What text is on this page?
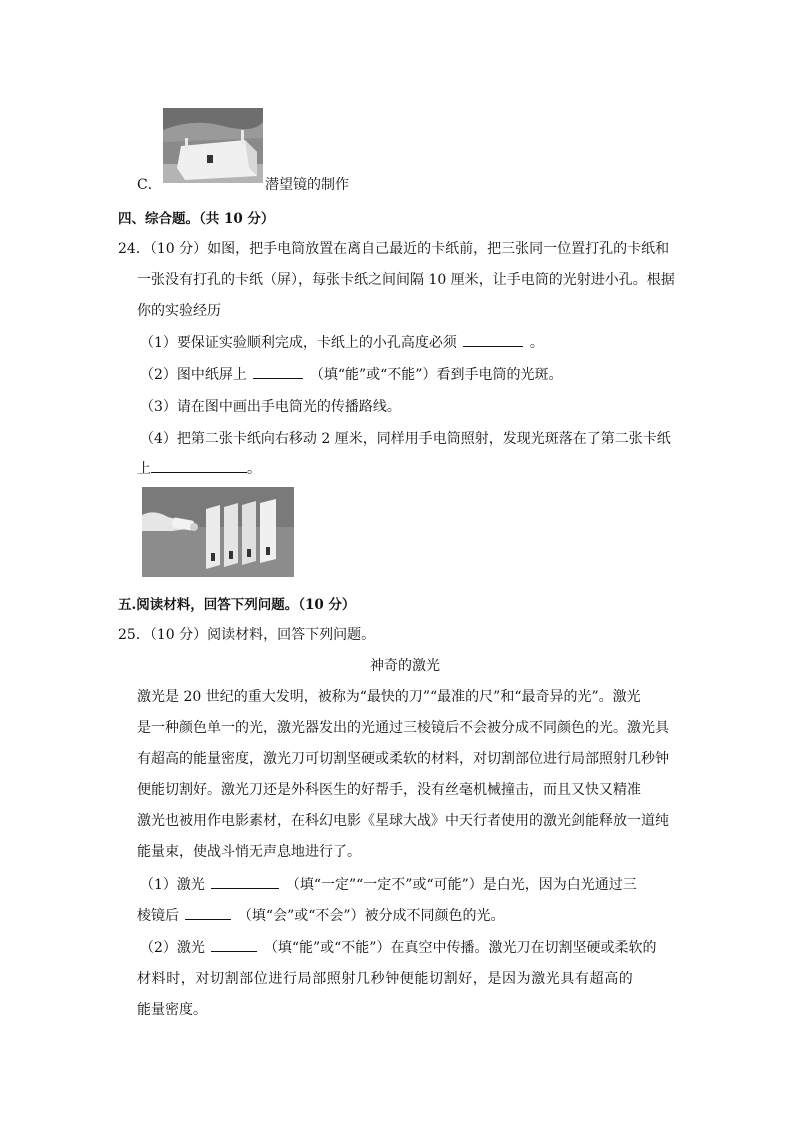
C．	潜望镜的制作
四、综合题。（共 10 分）
24．（10 分）如图，把手电筒放置在离自己最近的卡纸前，把三张同一位置打孔的卡纸和
一张没有打孔的卡纸（屏），每张卡纸之间间隔 10 厘米，让手电筒的光射进小孔。根据
你的实验经历
（1）要保证实验顺利完成，卡纸上的小孔高度必须	。
（2）图中纸屏上	（填“能”或“不能”）看到手电筒的光斑。
（3）请在图中画出手电筒光的传播路线。
（4）把第二张卡纸向右移动 2 厘米，同样用手电筒照射，发现光斑落在了第二张卡纸
上	。
五.阅读材料，回答下列问题。（10 分）
25．（10 分）阅读材料，回答下列问题。
神奇的激光
激光是 20 世纪的重大发明，被称为“最快的刀”“最准的尺”和“最奇异的光”。激光
是一种颜色单一的光，激光器发出的光通过三棱镜后不会被分成不同颜色的光。激光具
有超高的能量密度，激光刀可切割坚硬或柔软的材料，对切割部位进行局部照射几秒钟
便能切割好。激光刀还是外科医生的好帮手，没有丝毫机械撞击，而且又快又精准
激光也被用作电影素材，在科幻电影《星球大战》中天行者使用的激光剑能释放一道纯
能量束，使战斗悄无声息地进行了。
（1）激光	（填“一定”“一定不”或“可能”）是白光，因为白光通过三
棱镜后	（填“会”或“不会”）被分成不同颜色的光。
（2）激光	（填“能”或“不能”）在真空中传播。激光刀在切割坚硬或柔软的
材料时，对切割部位进行局部照射几秒钟便能切割好，是因为激光具有超高的
能量密度。
